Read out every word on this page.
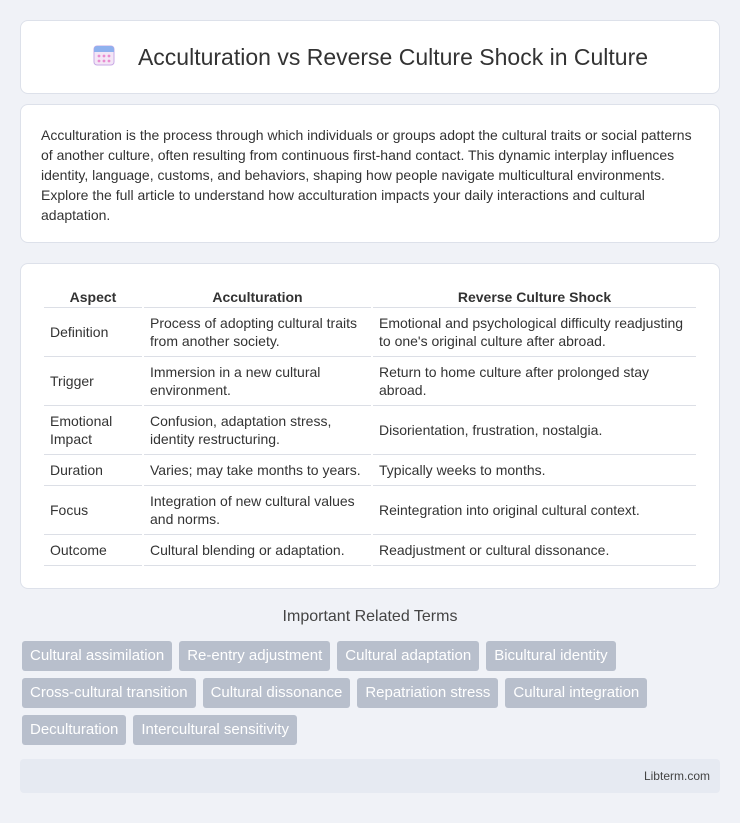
Acculturation vs Reverse Culture Shock in Culture

Acculturation is the process through which individuals or groups adopt the cultural traits or social patterns of another culture, often resulting from continuous first-hand contact. This dynamic interplay influences identity, language, customs, and behaviors, shaping how people navigate multicultural environments. Explore the full article to understand how acculturation impacts your daily interactions and cultural adaptation.

Aspect	Acculturation	Reverse Culture Shock
Definition	Process of adopting cultural traits from another society.	Emotional and psychological difficulty readjusting to one's original culture after abroad.
Trigger	Immersion in a new cultural environment.	Return to home culture after prolonged stay abroad.
Emotional Impact	Confusion, adaptation stress, identity restructuring.	Disorientation, frustration, nostalgia.
Duration	Varies; may take months to years.	Typically weeks to months.
Focus	Integration of new cultural values and norms.	Reintegration into original cultural context.
Outcome	Cultural blending or adaptation.	Readjustment or cultural dissonance.
Important Related Terms
Cultural assimilation	Re-entry adjustment	Cultural adaptation	Bicultural identity
Cross-cultural transition	Cultural dissonance	Repatriation stress	Cultural integration
Deculturation	Intercultural sensitivity
Libterm.com
